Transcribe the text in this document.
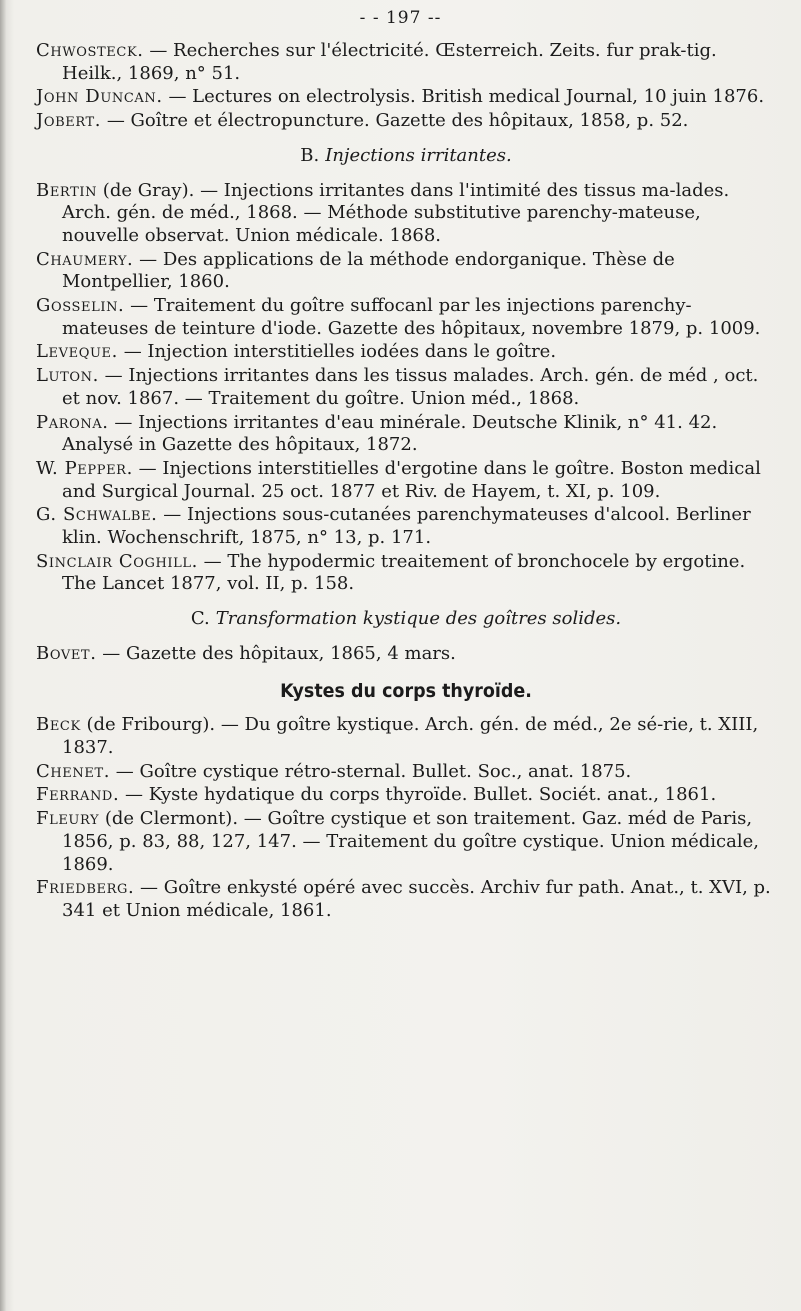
- - 197 --

Chwosteck. — Recherches sur l'électricité. Œsterreich. Zeits. fur prak-tig. Heilk., 1869, n° 51.

John Duncan. — Lectures on electrolysis. British medical Journal, 10 juin 1876.

Jobert. — Goître et électropuncture. Gazette des hôpitaux, 1858, p. 52.

B. Injections irritantes.

Bertin (de Gray). — Injections irritantes dans l'intimité des tissus ma-lades. Arch. gén. de méd., 1868. — Méthode substitutive parenchy-mateuse, nouvelle observat. Union médicale. 1868.

Chaumery. — Des applications de la méthode endorganique. Thèse de Montpellier, 1860.

Gosselin. — Traitement du goître suffocanl par les injections parenchy-mateuses de teinture d'iode. Gazette des hôpitaux, novembre 1879, p. 1009.

Leveque. — Injection interstitielles iodées dans le goître.

Luton. — Injections irritantes dans les tissus malades. Arch. gén. de méd , oct. et nov. 1867. — Traitement du goître. Union méd., 1868.

Parona. — Injections irritantes d'eau minérale. Deutsche Klinik, n° 41. 42. Analysé in Gazette des hôpitaux, 1872.

W. Pepper. — Injections interstitielles d'ergotine dans le goître. Boston medical and Surgical Journal. 25 oct. 1877 et Riv. de Hayem, t. XI, p. 109.

G. Schwalbe. — Injections sous-cutanées parenchymateuses d'alcool. Berliner klin. Wochenschrift, 1875, n° 13, p. 171.

Sinclair Coghill. — The hypodermic treaitement of bronchocele by ergotine. The Lancet 1877, vol. II, p. 158.

C. Transformation kystique des goîtres solides.

Bovet. — Gazette des hôpitaux, 1865, 4 mars.

Kystes du corps thyroïde.

Beck (de Fribourg). — Du goître kystique. Arch. gén. de méd., 2e sé-rie, t. XIII, 1837.

Chenet. — Goître cystique rétro-sternal. Bullet. Soc., anat. 1875.

Ferrand. — Kyste hydatique du corps thyroïde. Bullet. Sociét. anat., 1861.

Fleury (de Clermont). — Goître cystique et son traitement. Gaz. méd de Paris, 1856, p. 83, 88, 127, 147. — Traitement du goître cystique. Union médicale, 1869.

Friedberg. — Goître enkysté opéré avec succès. Archiv fur path. Anat., t. XVI, p. 341 et Union médicale, 1861.
